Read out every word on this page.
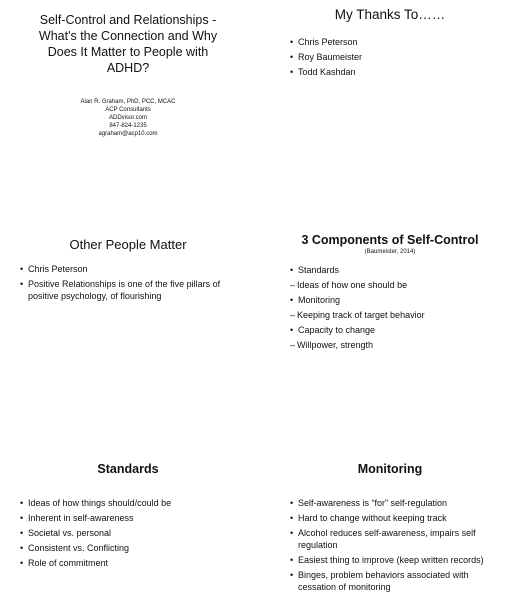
Self-Control and Relationships -

What's the Connection and Why

Does It Matter to People with

ADHD?

Alan R. Graham, PhD, PCC, MCAC
ACP Consultants
ADDvisor.com
847-824-1235
agraham@acp10.com

My Thanks To……

• Chris Peterson
• Roy Baumeister
• Todd Kashdan

Other People Matter

• Chris Peterson
• Positive Relationships is one of the five pillars of positive psychology, of flourishing

3 Components of Self-Control

(Baumeister, 2014)

• Standards
– Ideas of how one should be
• Monitoring
– Keeping track of target behavior
• Capacity to change
– Willpower, strength

Standards

• Ideas of how things should/could be
• Inherent in self-awareness
• Societal vs. personal
• Consistent vs. Conflicting
• Role of commitment

Monitoring

• Self-awareness is “for” self-regulation
• Hard to change without keeping track
• Alcohol reduces self-awareness, impairs self regulation
• Easiest thing to improve (keep written records)
• Binges, problem behaviors associated with cessation of monitoring
